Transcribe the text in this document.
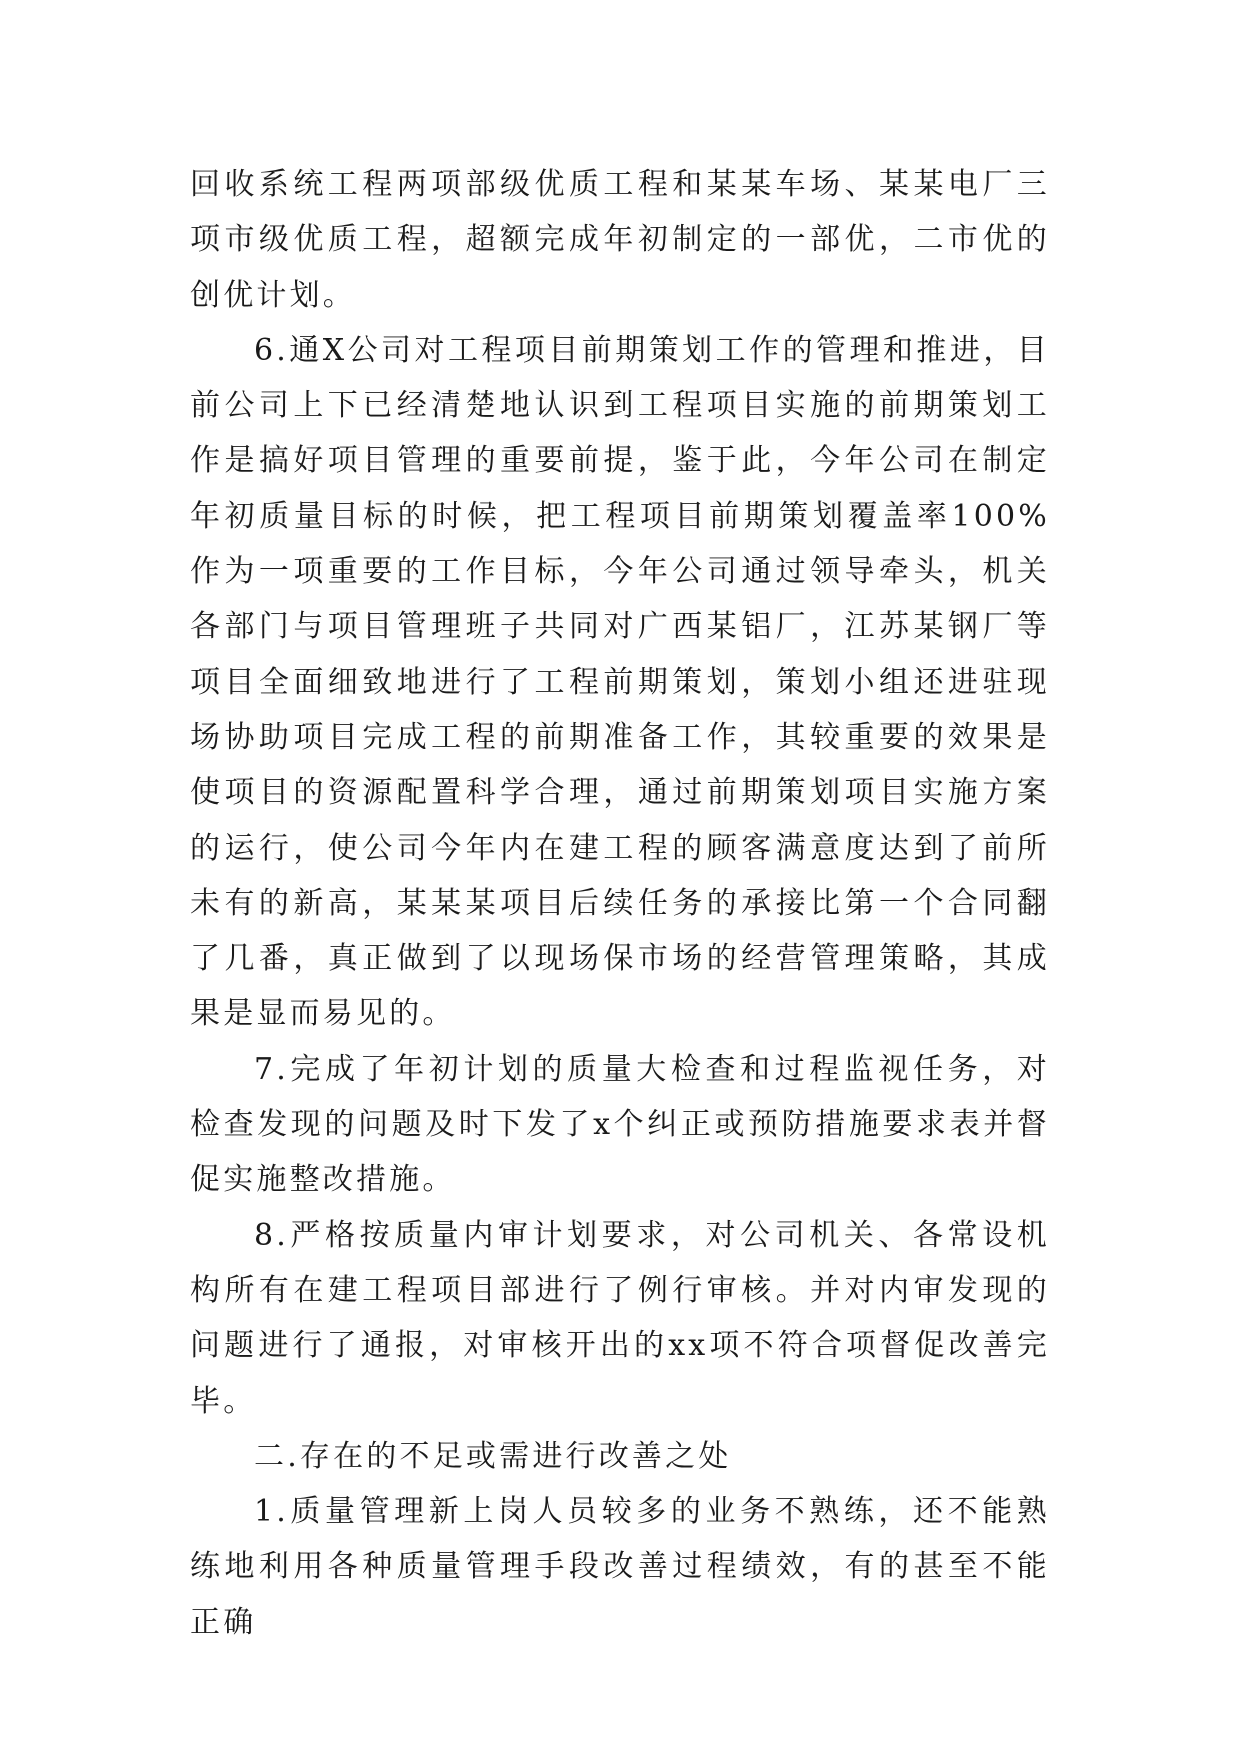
回收系统工程两项部级优质工程和某某车场、某某电厂三项市级优质工程，超额完成年初制定的一部优，二市优的创优计划。

6.通X公司对工程项目前期策划工作的管理和推进，目前公司上下已经清楚地认识到工程项目实施的前期策划工作是搞好项目管理的重要前提，鉴于此，今年公司在制定年初质量目标的时候，把工程项目前期策划覆盖率100%作为一项重要的工作目标，今年公司通过领导牵头，机关各部门与项目管理班子共同对广西某铝厂，江苏某钢厂等项目全面细致地进行了工程前期策划，策划小组还进驻现场协助项目完成工程的前期准备工作，其较重要的效果是使项目的资源配置科学合理，通过前期策划项目实施方案的运行，使公司今年内在建工程的顾客满意度达到了前所未有的新高，某某某项目后续任务的承接比第一个合同翻了几番，真正做到了以现场保市场的经营管理策略，其成果是显而易见的。

7.完成了年初计划的质量大检查和过程监视任务，对检查发现的问题及时下发了x个纠正或预防措施要求表并督促实施整改措施。

8.严格按质量内审计划要求，对公司机关、各常设机构所有在建工程项目部进行了例行审核。并对内审发现的问题进行了通报，对审核开出的xx项不符合项督促改善完毕。

二.存在的不足或需进行改善之处

1.质量管理新上岗人员较多的业务不熟练，还不能熟练地利用各种质量管理手段改善过程绩效，有的甚至不能正确
